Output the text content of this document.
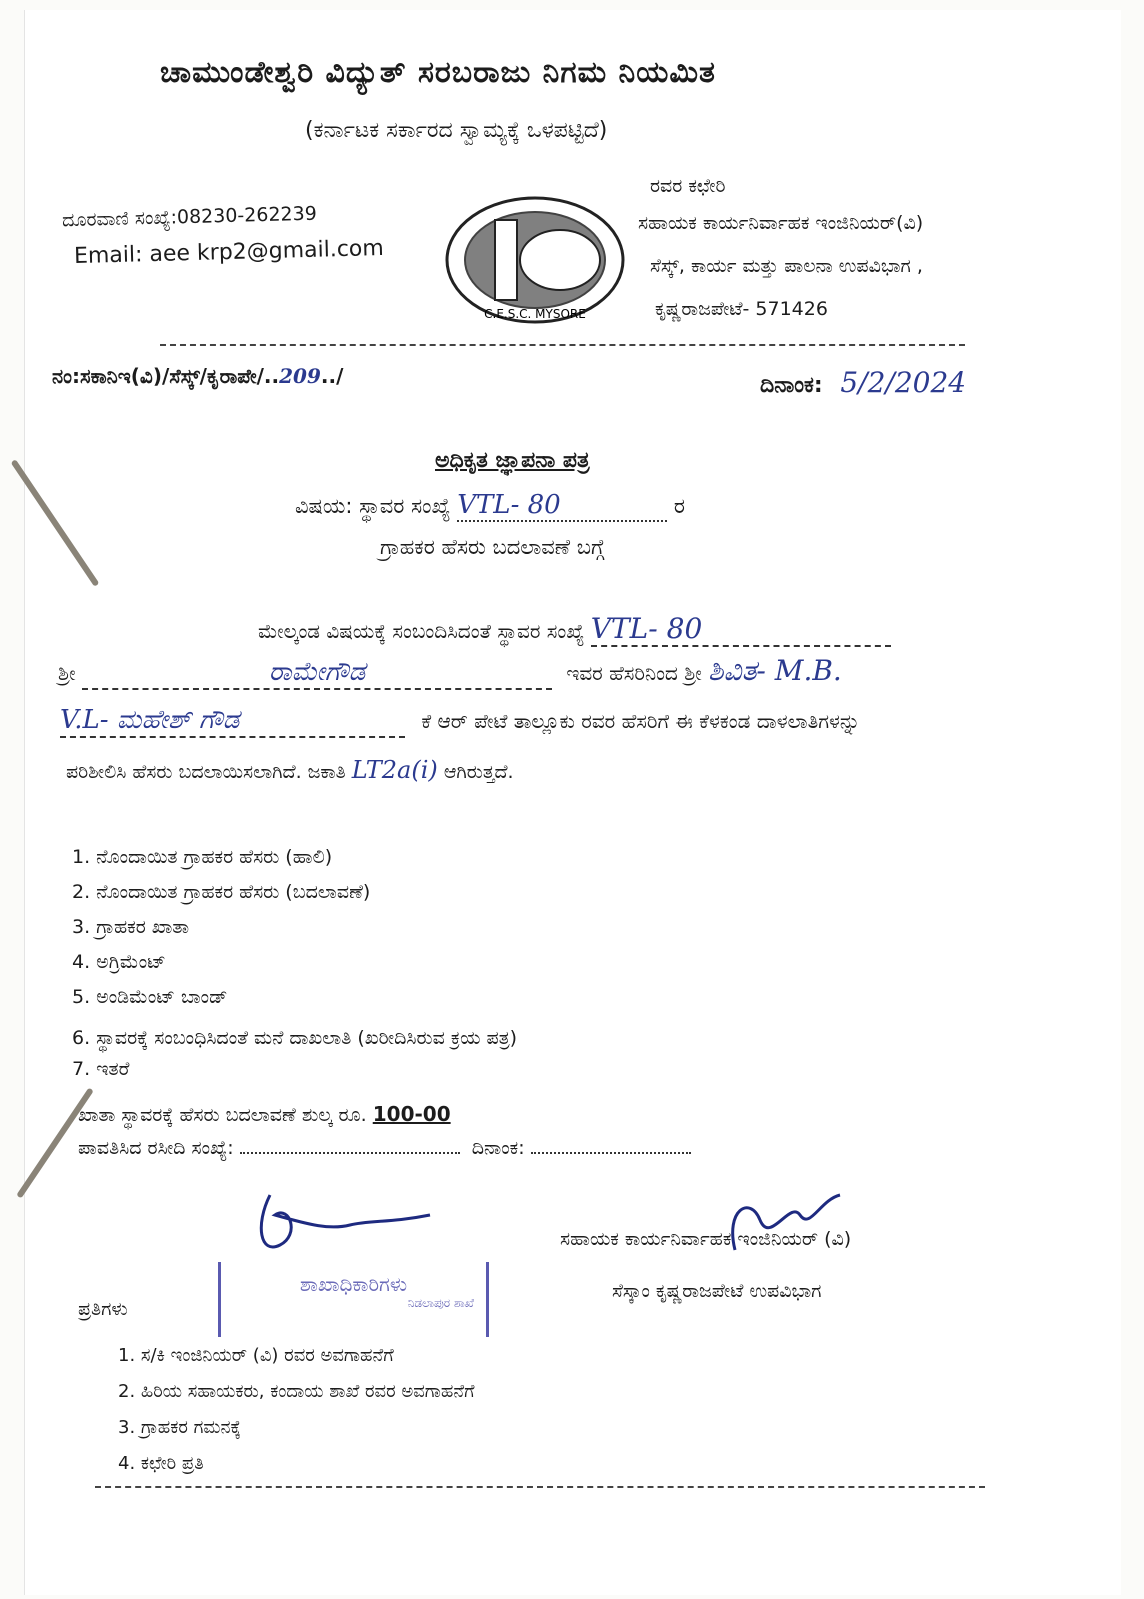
ಚಾಮುಂಡೇಶ್ವರಿ ವಿದ್ಯುತ್ ಸರಬರಾಜು ನಿಗಮ ನಿಯಮಿತ
(ಕರ್ನಾಟಕ ಸರ್ಕಾರದ ಸ್ವಾಮ್ಯಕ್ಕೆ ಒಳಪಟ್ಟಿದೆ)
ದೂರವಾಣಿ ಸಂಖ್ಯೆ:08230-262239
Email: aee krp2@gmail.com
C.E.S.C. MYSORE
ರವರ ಕಛೇರಿ
ಸಹಾಯಕ ಕಾರ್ಯನಿರ್ವಾಹಕ ಇಂಜಿನಿಯರ್(ವಿ)
ಸೆಸ್ಕ್, ಕಾರ್ಯ ಮತ್ತು ಪಾಲನಾ ಉಪವಿಭಾಗ ,
ಕೃಷ್ಣರಾಜಪೇಟೆ- 571426
ನಂ:ಸಕಾನಿಇ(ವಿ)/ಸೆಸ್ಕ್/ಕೃರಾಪೇ/..209../	ದಿನಾಂಕ: 5/2/2024
ಅಧಿಕೃತ ಜ್ಞಾಪನಾ ಪತ್ರ
ವಿಷಯ: ಸ್ಥಾವರ ಸಂಖ್ಯೆ VTL- 80	ರ
ಗ್ರಾಹಕರ ಹೆಸರು ಬದಲಾವಣೆ ಬಗ್ಗೆ
ಮೇಲ್ಕಂಡ ವಿಷಯಕ್ಕೆ ಸಂಬಂದಿಸಿದಂತೆ ಸ್ಥಾವರ ಸಂಖ್ಯೆ VTL- 80
ಶ್ರೀ	ರಾಮೇಗೌಡ	ಇವರ ಹೆಸರಿನಿಂದ ಶ್ರೀ ಶಿವಿತ- M.B.
V.L- ಮಹೇಶ್ ಗೌಡ	ಕೆ ಆರ್ ಪೇಟೆ ತಾಲ್ಲೂಕು ರವರ ಹೆಸರಿಗೆ ಈ ಕೆಳಕಂಡ ದಾಳಲಾತಿಗಳನ್ನು
ಪರಿಶೀಲಿಸಿ ಹೆಸರು ಬದಲಾಯಿಸಲಾಗಿದೆ. ಜಕಾತಿ LT2a(i) ಆಗಿರುತ್ತದೆ.
1. ನೊಂದಾಯಿತ ಗ್ರಾಹಕರ ಹೆಸರು (ಹಾಲಿ)
2. ನೊಂದಾಯಿತ ಗ್ರಾಹಕರ ಹೆಸರು (ಬದಲಾವಣೆ)
3. ಗ್ರಾಹಕರ ಖಾತಾ
4. ಅಗ್ರಿಮೆಂಟ್
5. ಅಂಡಿಮೆಂಟ್ ಬಾಂಡ್
6. ಸ್ಥಾವರಕ್ಕೆ ಸಂಬಂಧಿಸಿದಂತೆ ಮನೆ ದಾಖಲಾತಿ (ಖರೀದಿಸಿರುವ ಕ್ರಯ ಪತ್ರ)
7. ಇತರೆ
ಖಾತಾ ಸ್ಥಾವರಕ್ಕೆ ಹೆಸರು ಬದಲಾವಣೆ ಶುಲ್ಕ ರೂ. 100-00
ಪಾವತಿಸಿದ ರಸೀದಿ ಸಂಖ್ಯೆ:	ದಿನಾಂಕ:
ಶಾಖಾಧಿಕಾರಿಗಳು
ನಿಡಲಾಪುರ ಶಾಖೆ
ಸಹಾಯಕ ಕಾರ್ಯನಿರ್ವಾಹಕ ಇಂಜಿನಿಯರ್ (ವಿ)
ಸೆಸ್ಕಾಂ ಕೃಷ್ಣರಾಜಪೇಟೆ ಉಪವಿಭಾಗ
ಪ್ರತಿಗಳು
1. ಸ/ಕಿ ಇಂಜಿನಿಯರ್ (ವಿ) ರವರ ಅವಗಾಹನೆಗೆ
2. ಹಿರಿಯ ಸಹಾಯಕರು, ಕಂದಾಯ ಶಾಖೆ ರವರ ಅವಗಾಹನೆಗೆ
3. ಗ್ರಾಹಕರ ಗಮನಕ್ಕೆ
4. ಕಛೇರಿ ಪ್ರತಿ
